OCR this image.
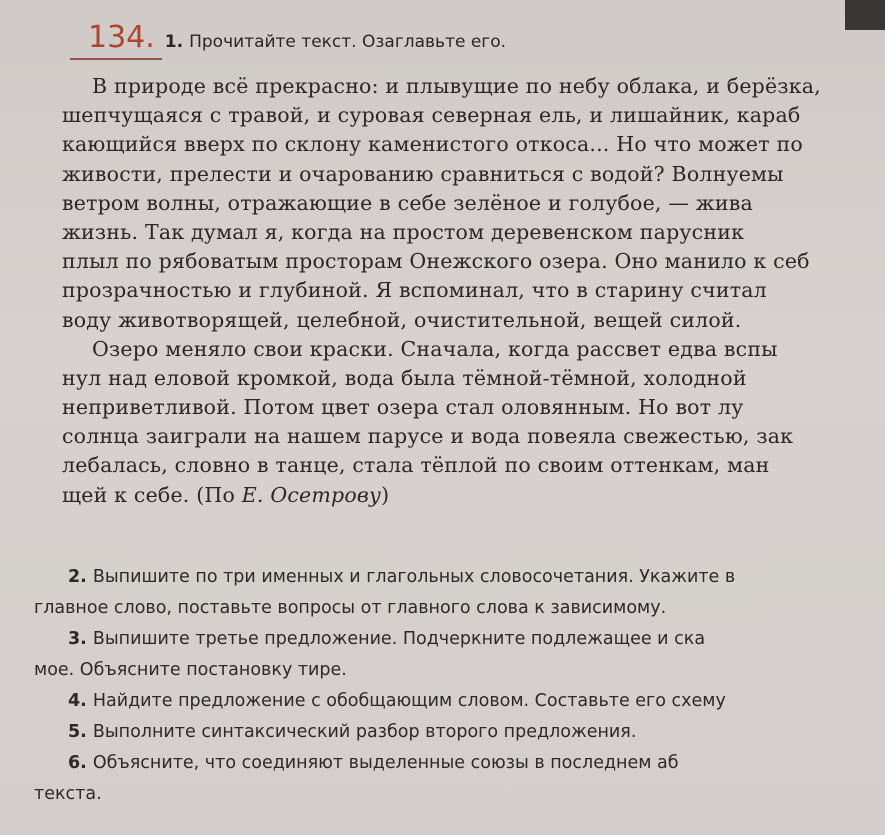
134. 1. Прочитайте текст. Озаглавьте его.
В природе всё прекрасно: и плывущие по небу облака, и берёзка,
шепчущаяся с травой, и суровая северная ель, и лишайник, караб
кающийся вверх по склону каменистого откоса... Но что может по
живости, прелести и очарованию сравниться с водой? Волнуемы
ветром волны, отражающие в себе зелёное и голубое, — жива
жизнь. Так думал я, когда на простом деревенском парусник
плыл по рябоватым просторам Онежского озера. Оно манило к себ
прозрачностью и глубиной. Я вспоминал, что в старину считал
воду животворящей, целебной, очистительной, вещей силой.
Озеро меняло свои краски. Сначала, когда рассвет едва вспы
нул над еловой кромкой, вода была тёмной-тёмной, холодной
неприветливой. Потом цвет озера стал оловянным. Но вот лу
солнца заиграли на нашем парусе и вода повеяла свежестью, зак
лебалась, словно в танце, стала тёплой по своим оттенкам, ман
щей к себе. (По Е. Осетрову)
2. Выпишите по три именных и глагольных словосочетания. Укажите в
главное слово, поставьте вопросы от главного слова к зависимому.
3. Выпишите третье предложение. Подчеркните подлежащее и ска
мое. Объясните постановку тире.
4. Найдите предложение с обобщающим словом. Составьте его схему
5. Выполните синтаксический разбор второго предложения.
6. Объясните, что соединяют выделенные союзы в последнем аб
текста.
